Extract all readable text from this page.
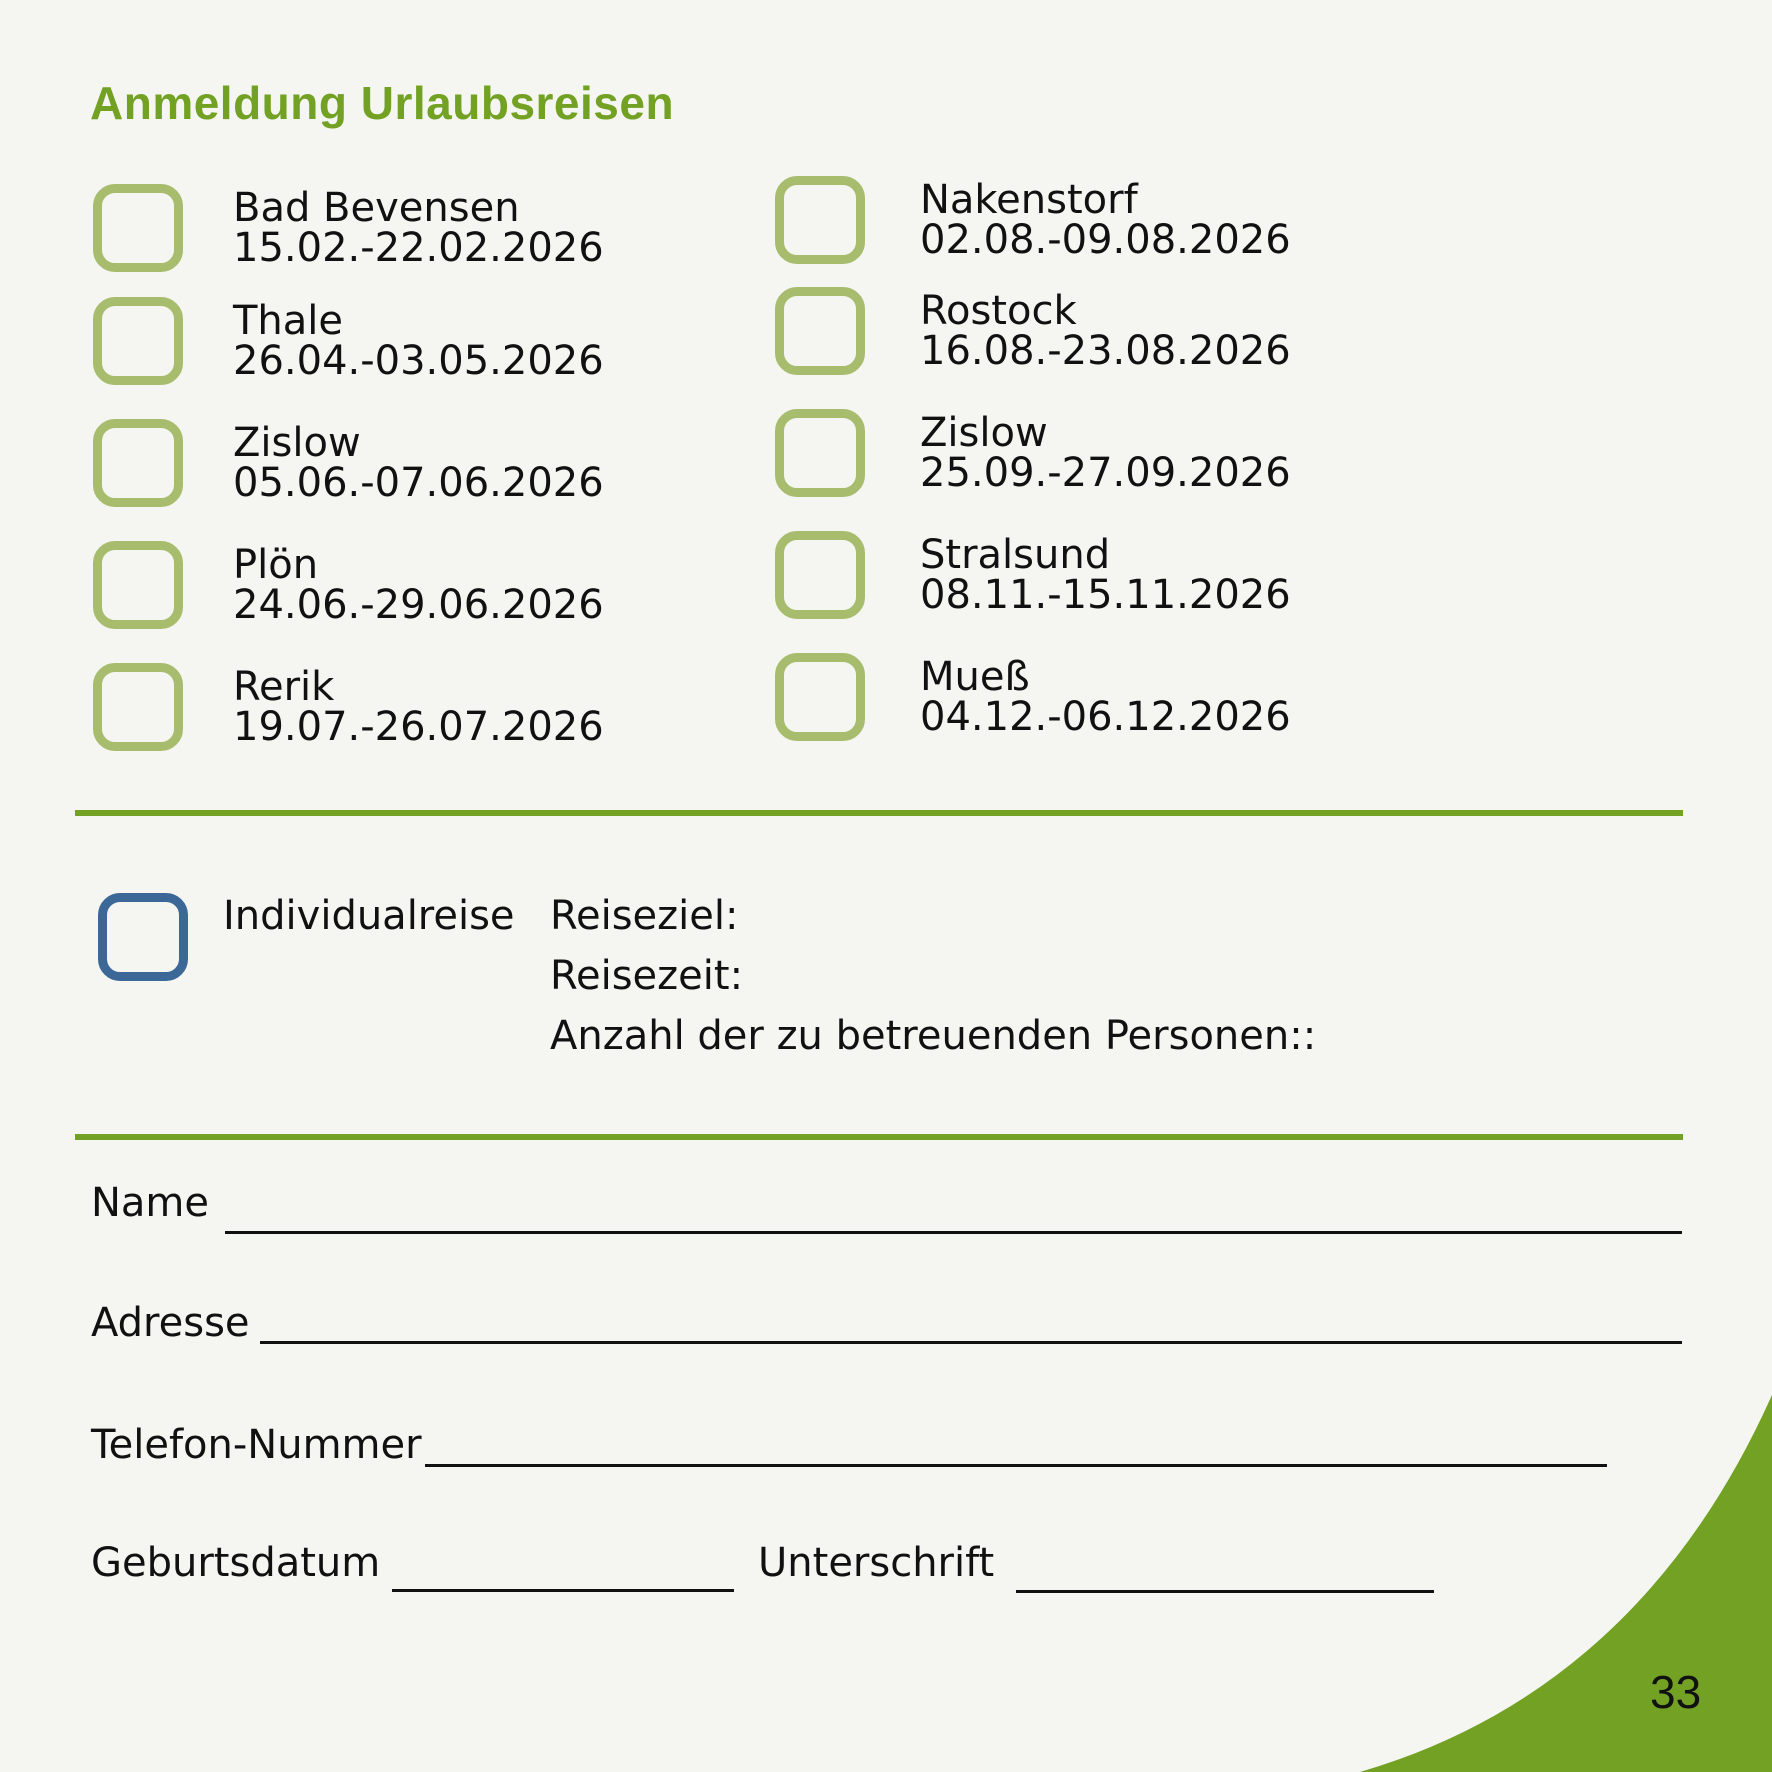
Anmeldung Urlaubsreisen
Bad Bevensen
15.02.-22.02.2026
Thale
26.04.-03.05.2026
Zislow
05.06.-07.06.2026
Plön
24.06.-29.06.2026
Rerik
19.07.-26.07.2026
Nakenstorf
02.08.-09.08.2026
Rostock
16.08.-23.08.2026
Zislow
25.09.-27.09.2026
Stralsund
08.11.-15.11.2026
Mueß
04.12.-06.12.2026
Individualreise Reiseziel:
Reisezeit:
Anzahl der zu betreuenden Personen::
Name
Adresse
Telefon-Nummer
Geburtsdatum	Unterschrift
33
